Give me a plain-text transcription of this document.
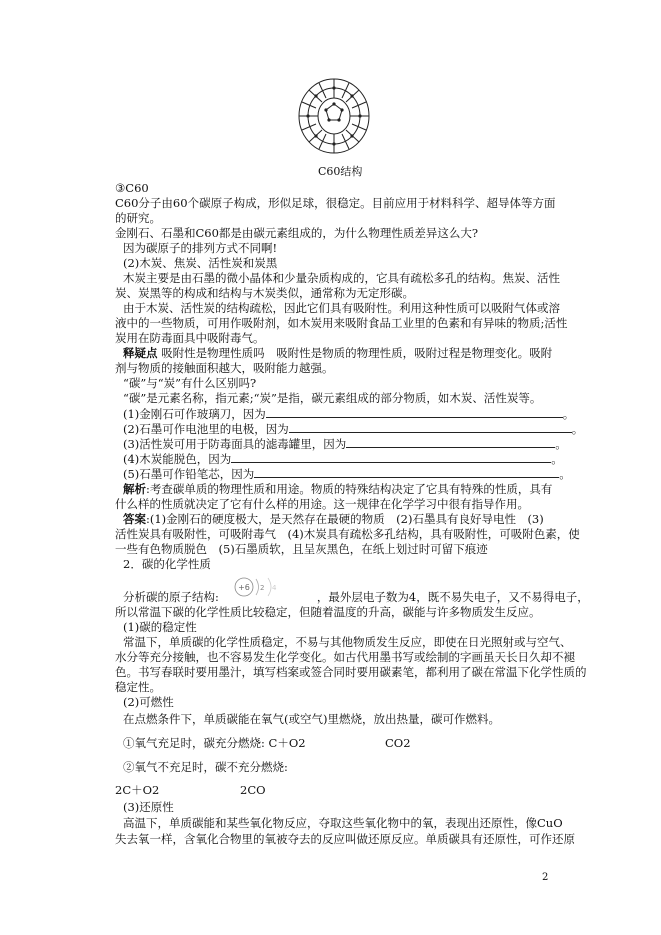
C60结构
③C60
C60分子由60个碳原子构成，形似足球，很稳定。目前应用于材料科学、超导体等方面
的研究。
金刚石、石墨和C60都是由碳元素组成的，为什么物理性质差异这么大?
因为碳原子的排列方式不同啊!
(2)木炭、焦炭、活性炭和炭黑
木炭主要是由石墨的微小晶体和少量杂质构成的，它具有疏松多孔的结构。焦炭、活性
炭、炭黑等的构成和结构与木炭类似，通常称为无定形碳。
由于木炭、活性炭的结构疏松，因此它们具有吸附性。利用这种性质可以吸附气体或溶
液中的一些物质，可用作吸附剂，如木炭用来吸附食品工业里的色素和有异味的物质;活性
炭用在防毒面具中吸附毒气。
释疑点 吸附性是物理性质吗　吸附性是物质的物理性质，吸附过程是物理变化。吸附
剂与物质的接触面积越大，吸附能力越强。
“碳”与“炭”有什么区别吗?
“碳”是元素名称，指元素;“炭”是指，碳元素组成的部分物质，如木炭、活性炭等。
(1)金刚石可作玻璃刀，因为	。
(2)石墨可作电池里的电极，因为	。
(3)活性炭可用于防毒面具的滤毒罐里，因为	。
(4)木炭能脱色，因为	。
(5)石墨可作铅笔芯，因为	。
解析:考查碳单质的物理性质和用途。物质的特殊结构决定了它具有特殊的性质，具有
什么样的性质就决定了它有什么样的用途。这一规律在化学学习中很有指导作用。
答案:(1)金刚石的硬度极大，是天然存在最硬的物质　(2)石墨具有良好导电性　(3)
活性炭具有吸附性，可吸附毒气　(4)木炭具有疏松多孔结构，具有吸附性，可吸附色素，使
一些有色物质脱色　(5)石墨质软，且呈灰黑色，在纸上划过时可留下痕迹
2．碳的化学性质
分析碳的原子结构:	，最外层电子数为4，既不易失电子，又不易得电子，
+6 2 4
所以常温下碳的化学性质比较稳定，但随着温度的升高，碳能与许多物质发生反应。
(1)碳的稳定性
常温下，单质碳的化学性质稳定，不易与其他物质发生反应，即使在日光照射或与空气、
水分等充分接触，也不容易发生化学变化。如古代用墨书写或绘制的字画虽天长日久却不褪
色。书写春联时要用墨汁，填写档案或签合同时要用碳素笔，都利用了碳在常温下化学性质的
稳定性。
(2)可燃性
在点燃条件下，单质碳能在氧气(或空气)里燃烧，放出热量，碳可作燃料。
①氧气充足时，碳充分燃烧: C＋O2	CO2
②氧气不充足时，碳不充分燃烧:
2C＋O2	2CO
(3)还原性
高温下，单质碳能和某些氧化物反应，夺取这些氧化物中的氧，表现出还原性，像CuO
失去氧一样，含氧化合物里的氧被夺去的反应叫做还原反应。单质碳具有还原性，可作还原
2
